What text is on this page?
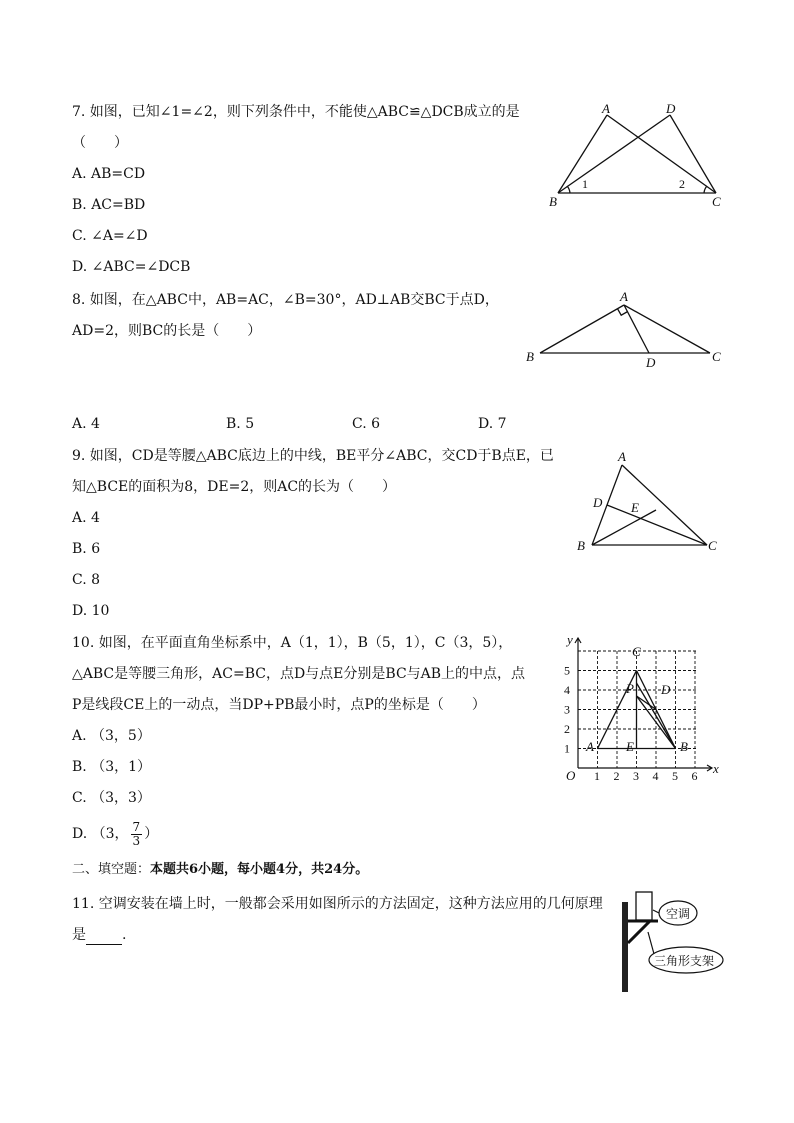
7. 如图，已知∠1=∠2，则下列条件中，不能使△ABC≌△DCB成立的是
（　　）
A. AB=CD
B. AC=BD
C. ∠A=∠D
D. ∠ABC=∠DCB
A	D
B	C
1	2
8. 如图，在△ABC中，AB=AC，∠B=30°，AD⊥AB交BC于点D，
AD=2，则BC的长是（　　）
A. 4	B. 5	C. 6	D. 7
A
B	C
D
9. 如图，CD是等腰△ABC底边上的中线，BE平分∠ABC，交CD于B点E，已
知△BCE的面积为8，DE=2，则AC的长为（　　）
A. 4
B. 6
C. 8
D. 10
A
D E
B	C
10. 如图，在平面直角坐标系中，A（1，1），B（5，1），C（3，5），
△ABC是等腰三角形，AC=BC，点D与点E分别是BC与AB上的中点，点
P是线段CE上的一动点，当DP+PB最小时，点P的坐标是（　　）
A. （3，5）
B. （3，1）
C. （3，3）
D. （3， $\frac{7}{3}$ ）
1 2 3 4 5 6
1
2
3
4
5
O	x
y
A	B
C
D
E
P
二、填空题：本题共6小题，每小题4分，共24分。
11. 空调安装在墙上时，一般都会采用如图所示的方法固定，这种方法应用的几何原理
是	.
空调
三角形支架
